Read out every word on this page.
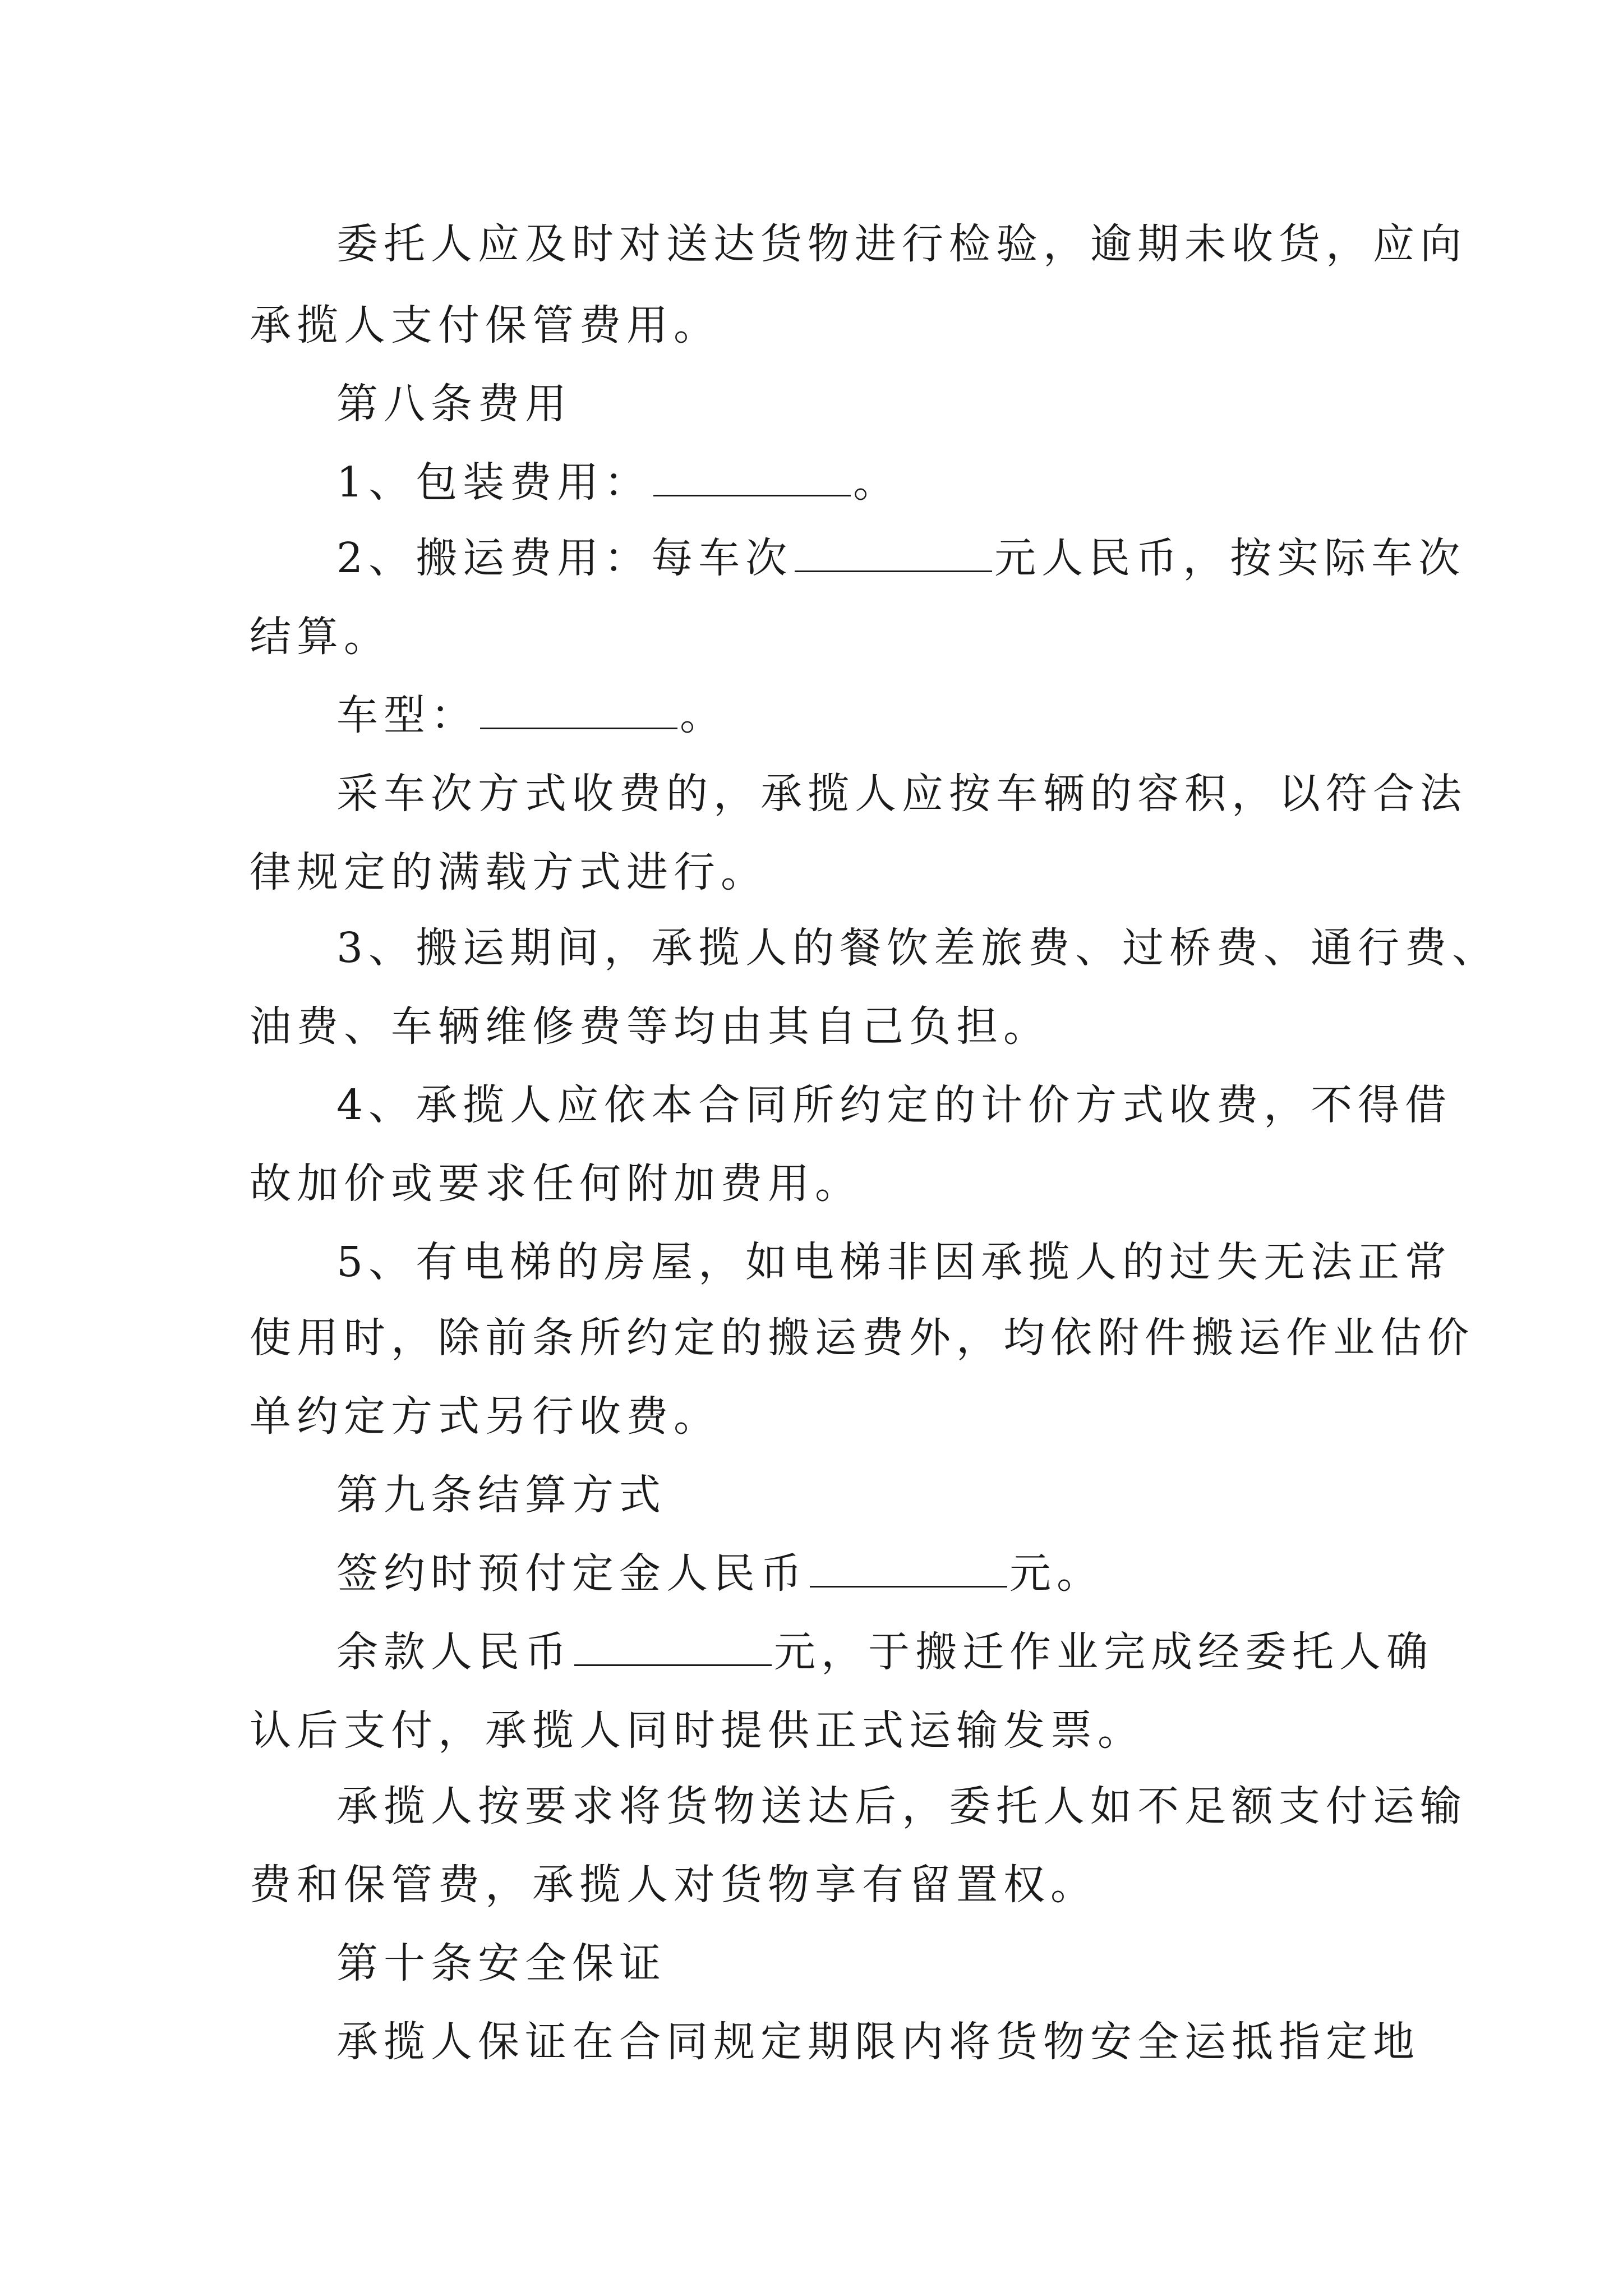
委托人应及时对送达货物进行检验，逾期未收货，应向
承揽人支付保管费用。
第八条费用
1、包装费用：	。
2、搬运费用：每车次	元人民币，按实际车次
结算。
车型：	。
采车次方式收费的，承揽人应按车辆的容积，以符合法
律规定的满载方式进行。
3、搬运期间，承揽人的餐饮差旅费、过桥费、通行费、
油费、车辆维修费等均由其自己负担。
4、承揽人应依本合同所约定的计价方式收费，不得借
故加价或要求任何附加费用。
5、有电梯的房屋，如电梯非因承揽人的过失无法正常
使用时，除前条所约定的搬运费外，均依附件搬运作业估价
单约定方式另行收费。
第九条结算方式
签约时预付定金人民币	元。
余款人民币	元，于搬迁作业完成经委托人确
认后支付，承揽人同时提供正式运输发票。
承揽人按要求将货物送达后，委托人如不足额支付运输
费和保管费，承揽人对货物享有留置权。
第十条安全保证
承揽人保证在合同规定期限内将货物安全运抵指定地
